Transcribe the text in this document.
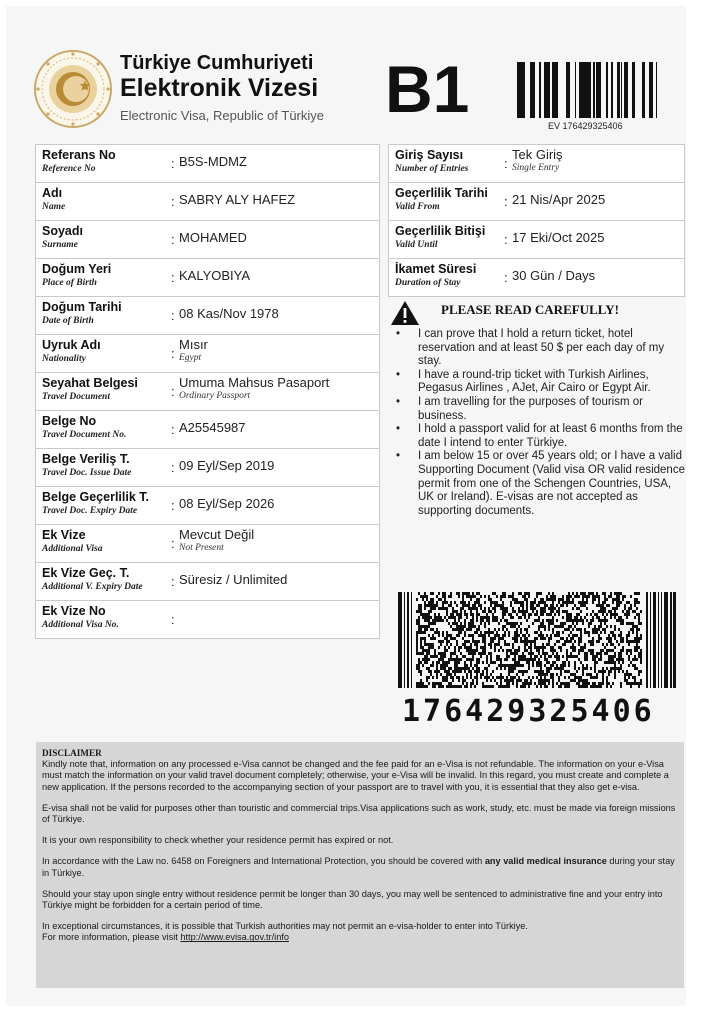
Türkiye Cumhuriyeti
Elektronik Vizesi
Electronic Visa, Republic of Türkiye B1	EV 176429325406
Referans No
Reference No	: B5S-MDMZ
Adı
Name	: SABRY ALY HAFEZ
Soyadı
Surname	: MOHAMED
Doğum Yeri
Place of Birth	: KALYOBIYA
Doğum Tarihi
Date of Birth	: 08 Kas/Nov 1978
Uyruk Adı
Nationality	:
Mısır
Egypt
Seyahat Belgesi
Travel Document	:
Umuma Mahsus Pasaport
Ordinary Passport
Belge No
Travel Document No.	: A25545987
Belge Veriliş T.
Travel Doc. Issue Date	: 09 Eyl/Sep 2019
Belge Geçerlilik T.
Travel Doc. Expiry Date	: 08 Eyl/Sep 2026
Ek Vize
Additional Visa	:
Mevcut Değil
Not Present
Ek Vize Geç. T.
Additional V. Expiry Date : Süresiz / Unlimited
Ek Vize No
Additional Visa No.	:
Giriş Sayısı
Number of Entries	:
Tek Giriş
Single Entry
Geçerlilik Tarihi
Valid From	: 21 Nis/Apr 2025
Geçerlilik Bitişi
Valid Until	: 17 Eki/Oct 2025
İkamet Süresi
Duration of Stay	: 30 Gün / Days
PLEASE READ CAREFULLY!
• I can prove that I hold a return ticket, hotel reservation and at least 50 $ per each day of my stay.
• I have a round-trip ticket with Turkish Airlines, Pegasus Airlines , AJet, Air Cairo or Egypt Air.
• I am travelling for the purposes of tourism or business.
• I hold a passport valid for at least 6 months from the date I intend to enter Türkiye.
• I am below 15 or over 45 years old; or I have a valid Supporting Document (Valid visa OR valid residence permit from one of the Schengen Countries, USA, UK or Ireland). E-visas are not accepted as supporting documents.
176429325406

DISCLAIMER

Kindly note that, information on any processed e-Visa cannot be changed and the fee paid for an e-Visa is not refundable. The information on your e-Visa must match the information on your valid travel document completely; otherwise, your e-Visa will be invalid. In this regard, you must create and complete a new application. If the persons recorded to the accompanying section of your passport are to travel with you, it is essential that they also get e-visa.

E-visa shall not be valid for purposes other than touristic and commercial trips.Visa applications such as work, study, etc. must be made via foreign missions of Türkiye.

It is your own responsibility to check whether your residence permit has expired or not.

In accordance with the Law no. 6458 on Foreigners and International Protection, you should be covered with any valid medical insurance during your stay in Türkiye.

Should your stay upon single entry without residence permit be longer than 30 days, you may well be sentenced to administrative fine and your entry into Türkiye might be forbidden for a certain period of time.

In exceptional circumstances, it is possible that Turkish authorities may not permit an e-visa-holder to enter into Türkiye.

For more information, please visit http://www.evisa.gov.tr/info
